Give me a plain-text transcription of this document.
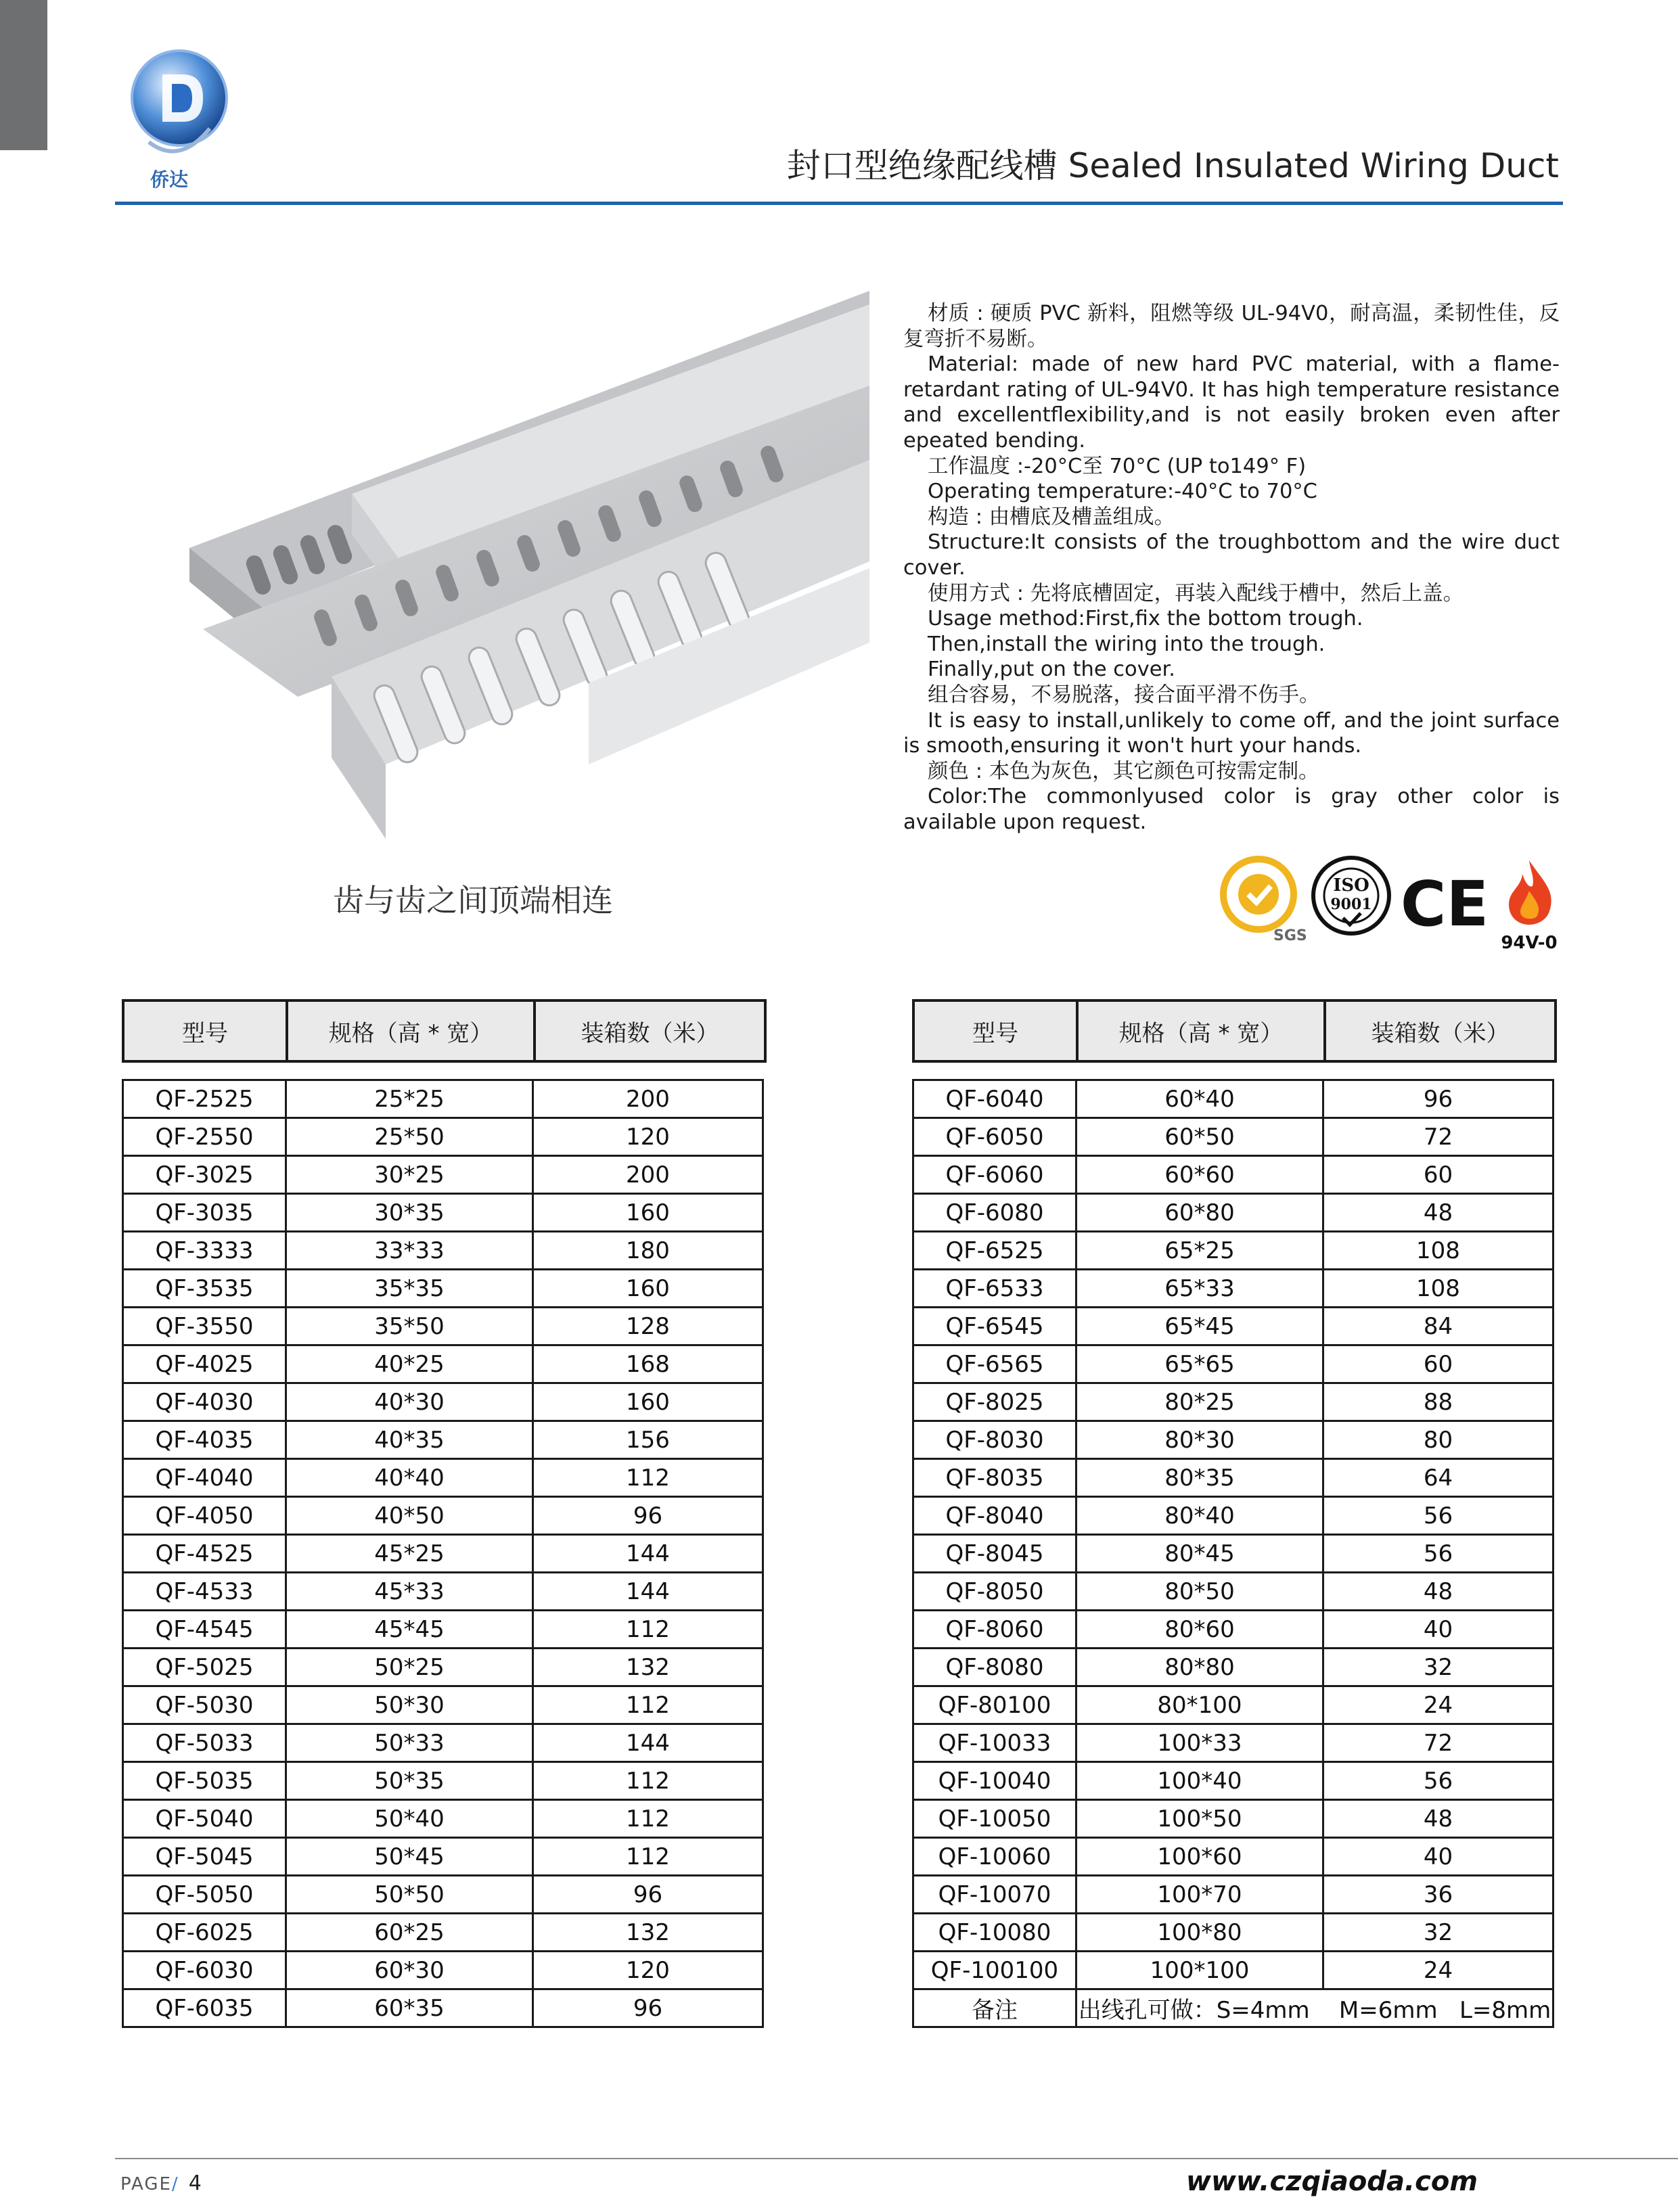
侨达	封口型绝缘配线槽 Sealed Insulated Wiring Duct

材质 : 硬质 PVC 新料，阻燃等级 UL-94V0，耐高温，柔韧性佳，反复弯折不易断。

Material: made of new hard PVC material, with a flame-retardant rating of UL-94V0. It has high temperature resistance and excellentflexibility,and is not easily broken even after epeated bending.

工作温度 :-20°C至 70°C (UP to149° F)

Operating temperature:-40°C to 70°C

构造 : 由槽底及槽盖组成。

Structure:It consists of the troughbottom and the wire duct cover.

使用方式 : 先将底槽固定，再装入配线于槽中，然后上盖。

Usage method:First,fix the bottom trough.

Then,install the wiring into the trough.

Finally,put on the cover.

组合容易，不易脱落，接合面平滑不伤手。

It is easy to install,unlikely to come off, and the joint surface is smooth,ensuring it won't hurt your hands.

颜色 : 本色为灰色，其它颜色可按需定制。

Color:The commonlyused color is gray other color is available upon request.

齿与齿之间顶端相连
SGS
ISO
9001 CE
94V-0
型号	规格（高 * 宽）	装箱数（米）	型号	规格（高 * 宽）	装箱数（米）
QF-2525	25*25	200
QF-2550	25*50	120
QF-3025	30*25	200
QF-3035	30*35	160
QF-3333	33*33	180
QF-3535	35*35	160
QF-3550	35*50	128
QF-4025	40*25	168
QF-4030	40*30	160
QF-4035	40*35	156
QF-4040	40*40	112
QF-4050	40*50	96
QF-4525	45*25	144
QF-4533	45*33	144
QF-4545	45*45	112
QF-5025	50*25	132
QF-5030	50*30	112
QF-5033	50*33	144
QF-5035	50*35	112
QF-5040	50*40	112
QF-5045	50*45	112
QF-5050	50*50	96
QF-6025	60*25	132
QF-6030	60*30	120
QF-6035	60*35	96
QF-6040	60*40	96
QF-6050	60*50	72
QF-6060	60*60	60
QF-6080	60*80	48
QF-6525	65*25	108
QF-6533	65*33	108
QF-6545	65*45	84
QF-6565	65*65	60
QF-8025	80*25	88
QF-8030	80*30	80
QF-8035	80*35	64
QF-8040	80*40	56
QF-8045	80*45	56
QF-8050	80*50	48
QF-8060	80*60	40
QF-8080	80*80	32
QF-80100	80*100	24
QF-10033	100*33	72
QF-10040	100*40	56
QF-10050	100*50	48
QF-10060	100*60	40
QF-10070	100*70	36
QF-10080	100*80	32
QF-100100	100*100	24
备注	出线孔可做：S=4mm    M=6mm   L=8mm	
PAGE/ 4	www.czqiaoda.com
